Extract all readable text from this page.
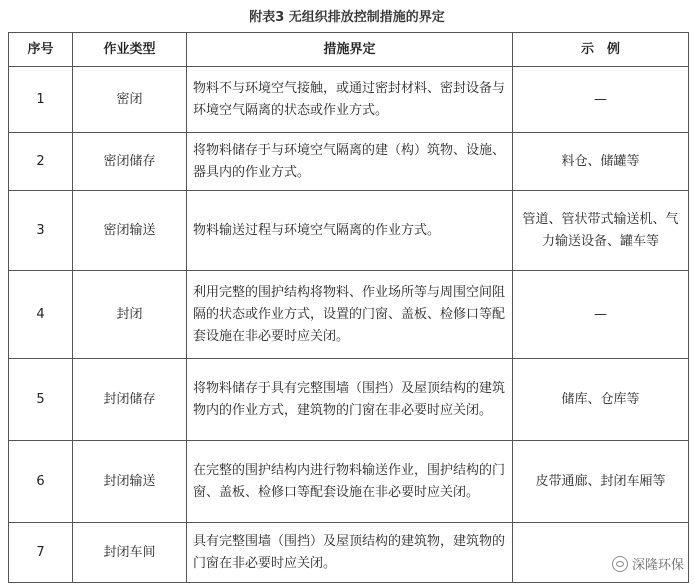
附表3 无组织排放控制措施的界定
序号	作业类型	措施界定	示　例
1	密闭	物料不与环境空气接触，或通过密封材料、密封设备与环境空气隔离的状态或作业方式。	—
2	密闭储存	将物料储存于与环境空气隔离的建（构）筑物、设施、器具内的作业方式。	料仓、储罐等
3	密闭输送	物料输送过程与环境空气隔离的作业方式。	管道、管状带式输送机、气力输送设备、罐车等
4	封闭	利用完整的围护结构将物料、作业场所等与周围空间阻隔的状态或作业方式，设置的门窗、盖板、检修口等配套设施在非必要时应关闭。	—
5	封闭储存	将物料储存于具有完整围墙（围挡）及屋顶结构的建筑物内的作业方式，建筑物的门窗在非必要时应关闭。	储库、仓库等
6	封闭输送	在完整的围护结构内进行物料输送作业，围护结构的门窗、盖板、检修口等配套设施在非必要时应关闭。	皮带通廊、封闭车厢等
7	封闭车间	具有完整围墙（围挡）及屋顶结构的建筑物，建筑物的门窗在非必要时应关闭。		深隆环保
